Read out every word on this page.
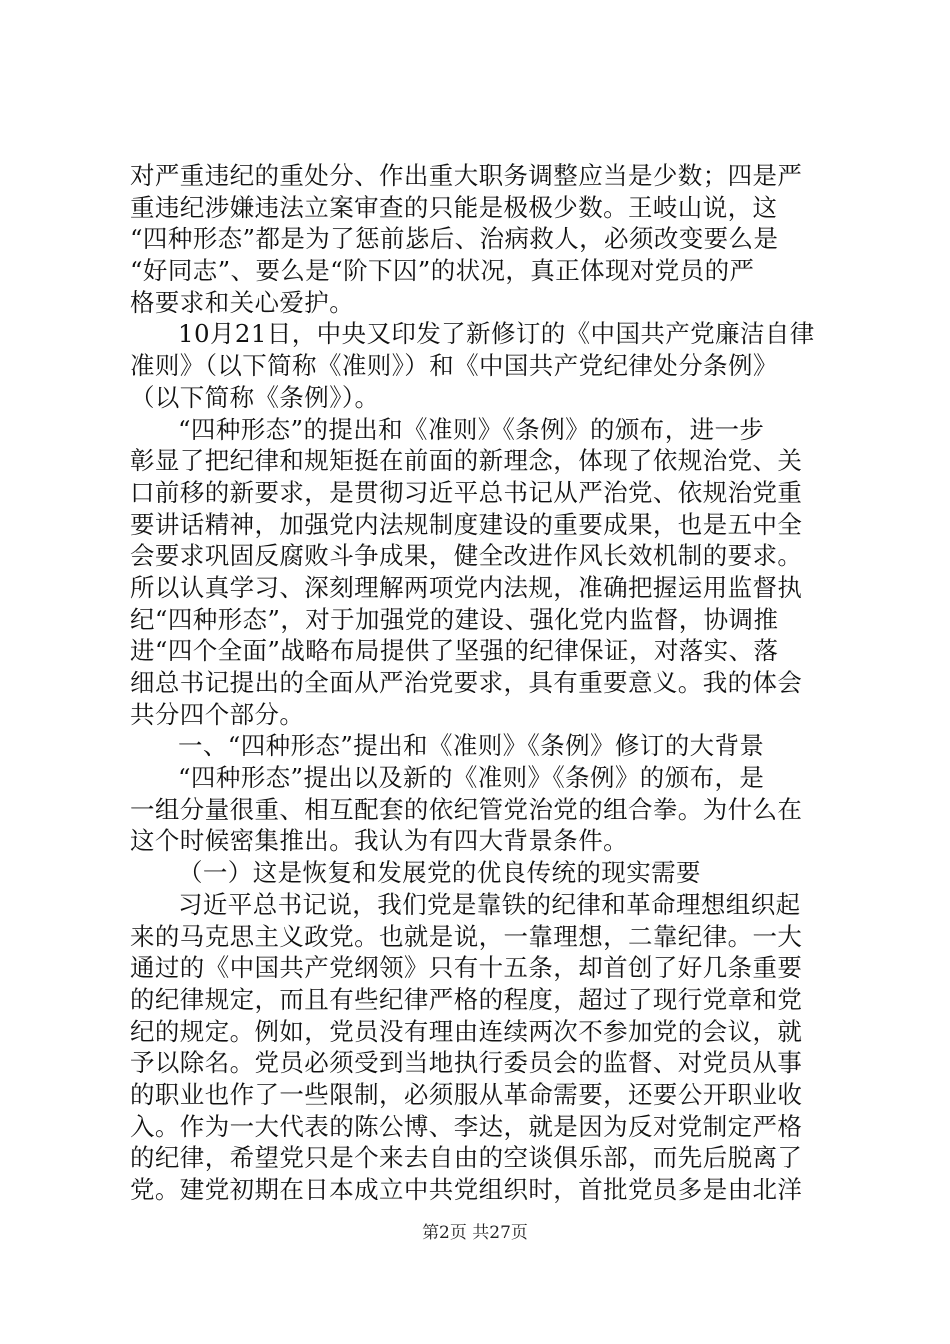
对严重违纪的重处分、作出重大职务调整应当是少数；四是严
重违纪涉嫌违法立案审查的只能是极极少数。王岐山说，这
“四种形态”都是为了惩前毖后、治病救人，必须改变要么是
“好同志”、要么是“阶下囚”的状况，真正体现对党员的严
格要求和关心爱护。
10月21日，中央又印发了新修订的《中国共产党廉洁自律
准则》（以下简称《准则》）和《中国共产党纪律处分条例》
（以下简称《条例》）。
“四种形态”的提出和《准则》《条例》的颁布，进一步
彰显了把纪律和规矩挺在前面的新理念，体现了依规治党、关
口前移的新要求，是贯彻习近平总书记从严治党、依规治党重
要讲话精神，加强党内法规制度建设的重要成果，也是五中全
会要求巩固反腐败斗争成果，健全改进作风长效机制的要求。
所以认真学习、深刻理解两项党内法规，准确把握运用监督执
纪“四种形态”，对于加强党的建设、强化党内监督，协调推
进“四个全面”战略布局提供了坚强的纪律保证，对落实、落
细总书记提出的全面从严治党要求，具有重要意义。我的体会
共分四个部分。
一、“四种形态”提出和《准则》《条例》修订的大背景
“四种形态”提出以及新的《准则》《条例》的颁布，是
一组分量很重、相互配套的依纪管党治党的组合拳。为什么在
这个时候密集推出。我认为有四大背景条件。
（一）这是恢复和发展党的优良传统的现实需要
习近平总书记说，我们党是靠铁的纪律和革命理想组织起
来的马克思主义政党。也就是说，一靠理想，二靠纪律。一大
通过的《中国共产党纲领》只有十五条，却首创了好几条重要
的纪律规定，而且有些纪律严格的程度，超过了现行党章和党
纪的规定。例如，党员没有理由连续两次不参加党的会议，就
予以除名。党员必须受到当地执行委员会的监督、对党员从事
的职业也作了一些限制，必须服从革命需要，还要公开职业收
入。作为一大代表的陈公博、李达，就是因为反对党制定严格
的纪律，希望党只是个来去自由的空谈俱乐部，而先后脱离了
党。建党初期在日本成立中共党组织时，首批党员多是由北洋
第2页 共27页
